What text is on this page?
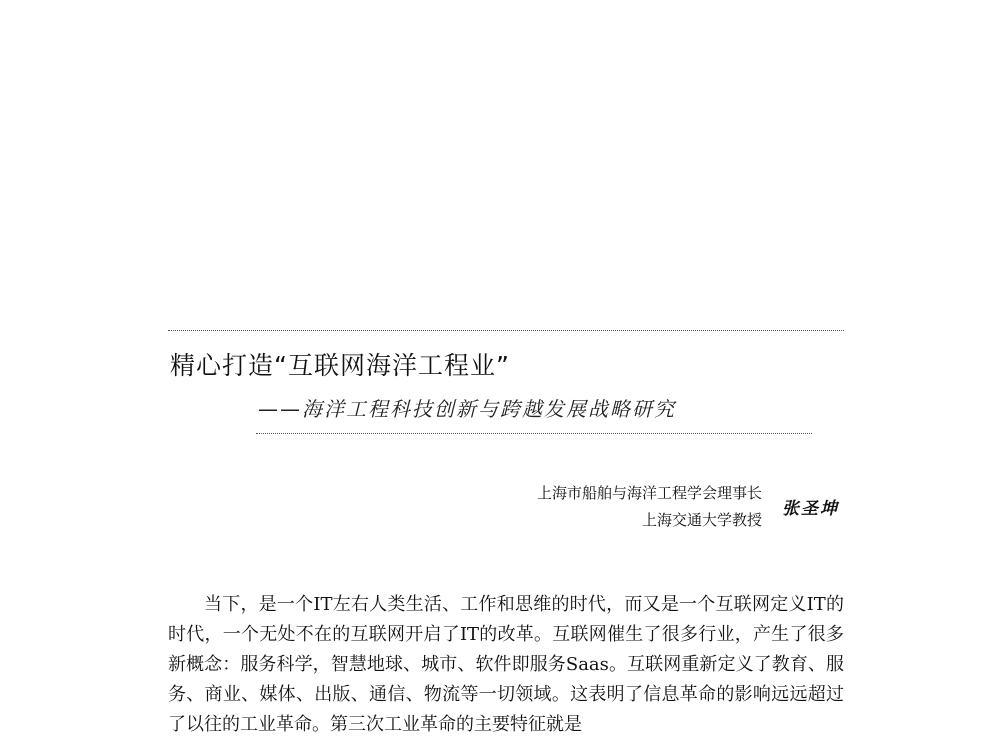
精心打造“互联网海洋工程业”
——海洋工程科技创新与跨越发展战略研究
上海市船舶与海洋工程学会理事长
上海交通大学教授
张圣坤

当下，是一个IT左右人类生活、工作和思维的时代，而又是一个互联网定义IT的时代，一个无处不在的互联网开启了IT的改革。互联网催生了很多行业，产生了很多新概念：服务科学，智慧地球、城市、软件即服务Saas。互联网重新定义了教育、服务、商业、媒体、出版、通信、物流等一切领域。这表明了信息革命的影响远远超过了以往的工业革命。第三次工业革命的主要特征就是
